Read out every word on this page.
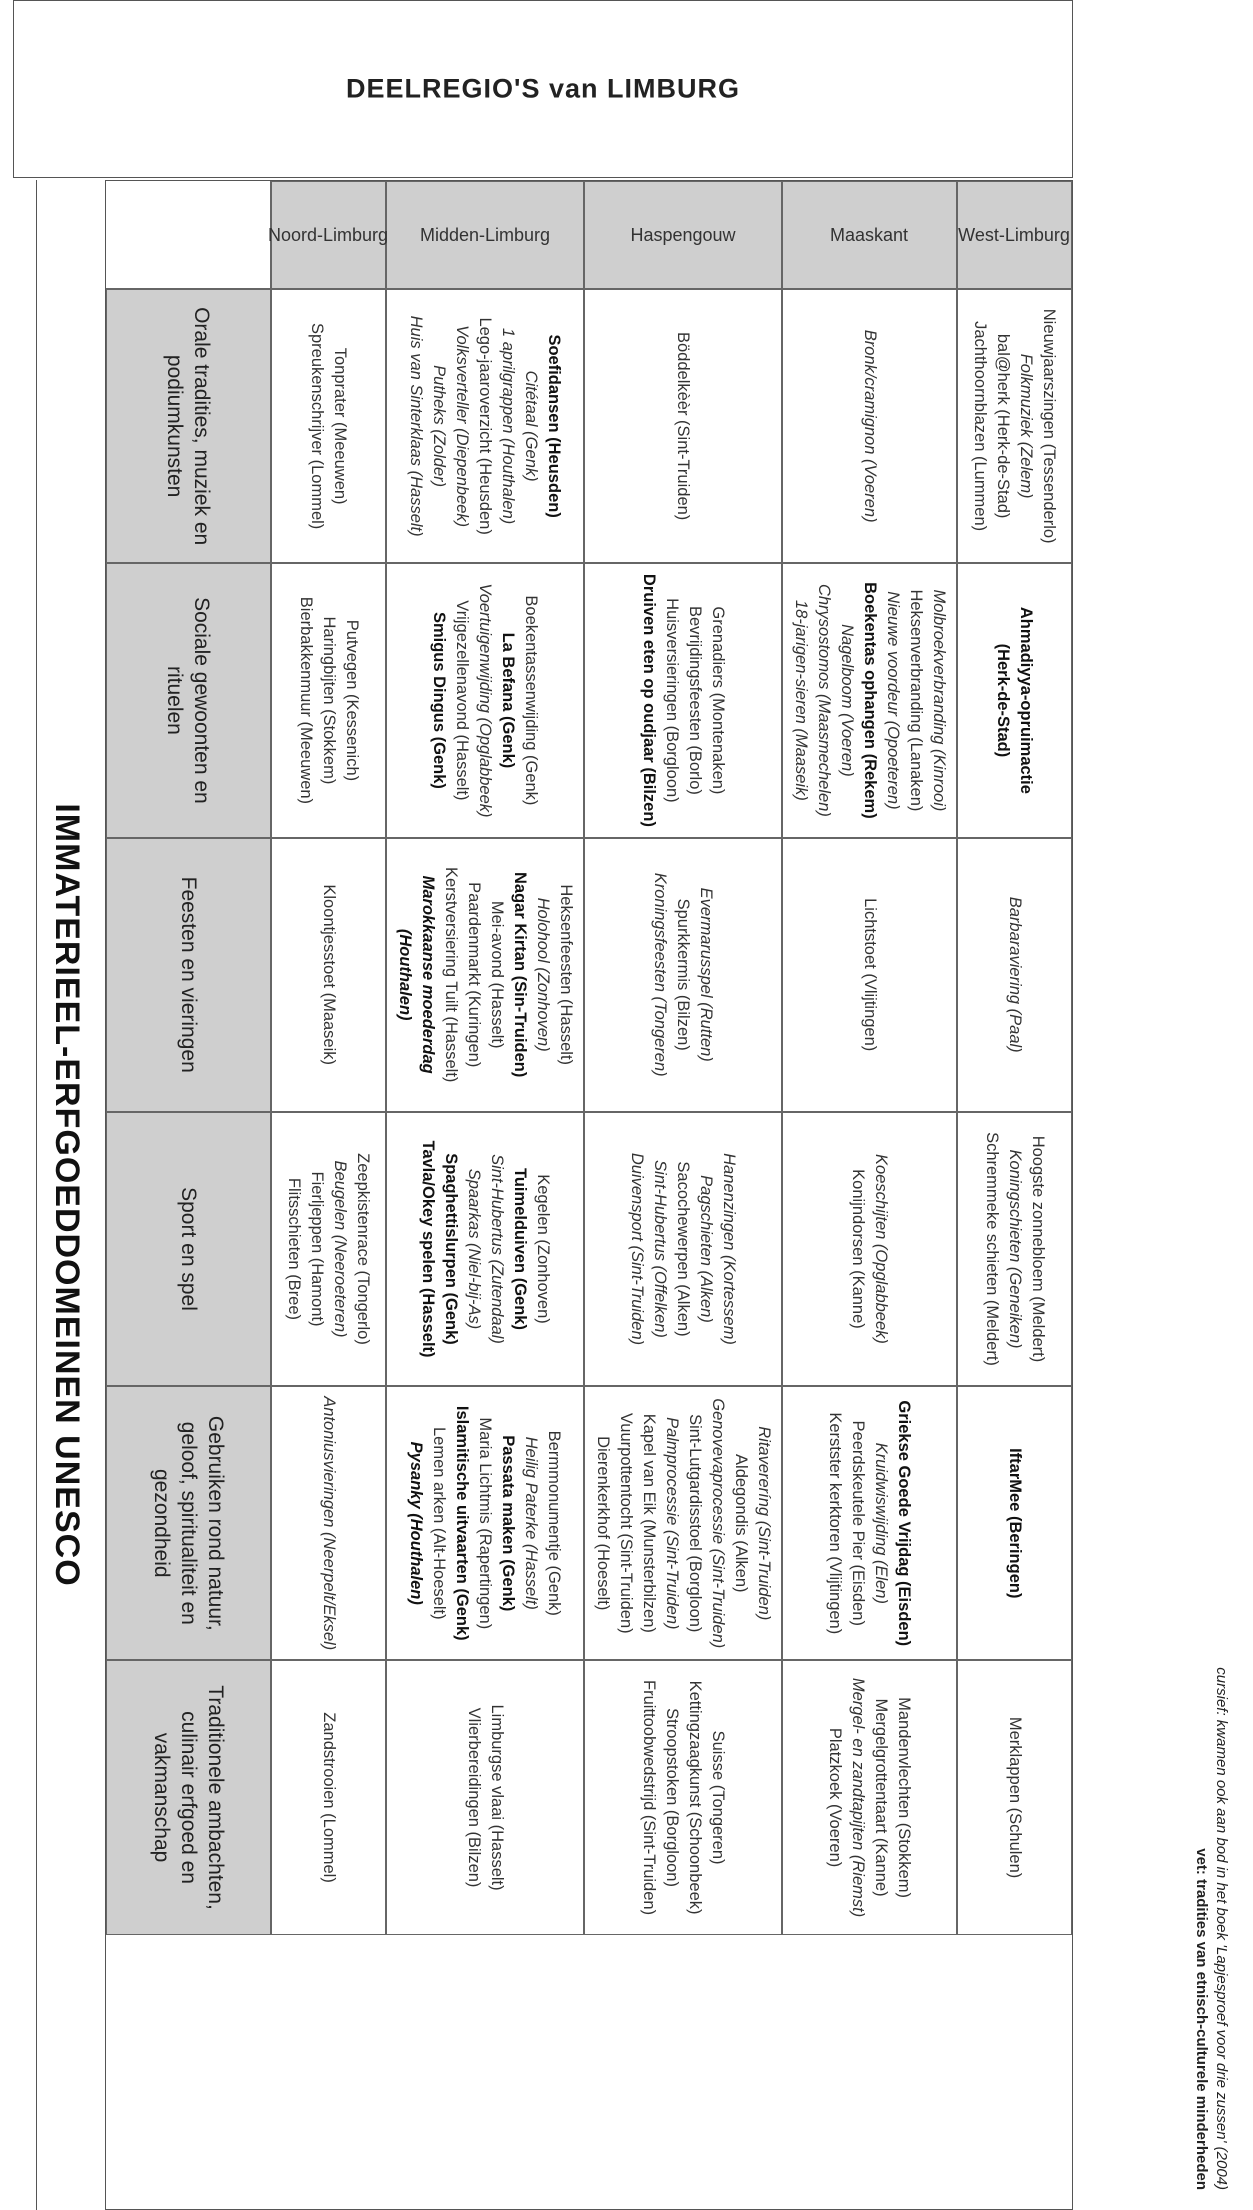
IMMATERIEEL-ERFGOEDDOMEINEN UNESCO
DEELREGIO'S van LIMBURG
West-Limburg
Nieuwjaarszingen (Tessenderlo)
Folkmuziek (Zelem)
bal@herk (Herk-de-Stad)
Jachthoornblazen (Lummen)
Ahmadiyya-opruimactie
(Herk-de-Stad)
Barbaraviering (Paal)
Hoogste zonnebloem (Meldert)
Koningschieten (Geneiken)
Schremmeke schieten (Meldert)
IftarMee (Beringen)
Merklappen (Schulen)
Maaskant
Bronk/cramignon (Voeren)
Molbroekverbranding (Kinrooi)
Heksenverbranding (Lanaken)
Nieuwe voordeur (Opoeteren)
Boekentas ophangen (Rekem)
Nagelboom (Voeren)
Chrysostomos (Maasmechelen)
18-jarigen-sieren (Maaseik)
Lichtstoet (Vlijtingen)
Koeschijten (Opglabbeek)
Konijndorsen (Kanne)
Griekse Goede Vrijdag (Eisden)
Kruidwiswijding (Elen)
Peerdskeutele Pier (Eisden)
Kerstster kerktoren (Vlijtingen)
Mandenvlechten (Stokkem)
Mergelgrottentaart (Kanne)
Mergel- en zandtapijten (Riemst)
Platzkoek (Voeren)
Haspengouw
Böddelkèèr (Sint-Truiden)
Grenadiers (Montenaken)
Bevrijdingsfeesten (Borlo)
Huisversieringen (Borgloon)
Druiven eten op oudjaar (Bilzen)
Evermarusspel (Rutten)
Spurkkermis (Bilzen)
Kroningsfeesten (Tongeren)
Hanenzingen (Kortessem)
Pagschieten (Alken)
Sacochewerpen (Alken)
Sint-Hubertus (Offelken)
Duivensport (Sint-Truiden)
Ritavereríng (Sint-Truiden)
Aldegondis (Alken)
Genovevaprocessie (Sint-Truiden)
Sint-Lutgardisstoel (Borgloon)
Palmprocessie (Sint-Truiden)
Kapel van Eik (Munsterbilzen)
Vuurpottentocht (Sint-Truiden)
Dierenkerkhof (Hoeselt)
Suisse (Tongeren)
Kettingzaagkunst (Schoonbeek)
Stroopstoken (Borgloon)
Fruittoobwedstrijd (Sint-Truiden)
Midden-Limburg
Soefidansen (Heusden)
Citétaal (Genk)
1 aprilgrappen (Houthalen)
Lego-jaaroverzicht (Heusden)
Volksverteller (Diepenbeek)
Putheks (Zolder)
Huis van Sinterklaas (Hasselt)
Boekentassenwijding (Genk)
La Befana (Genk)
Voertuigenwijding (Opglabbeek)
Vrijgezellenavond (Hasselt)
Smigus Dingus (Genk)
Heksenfeesten (Hasselt)
Holohool (Zonhoven)
Nagar Kirtan (Sin-Truiden)
Mei-avond (Hasselt)
Paardenmarkt (Kuringen)
Kerstversiering Tuilt (Hasselt)
Marokkaanse moederdag
(Houthalen)
Kegelen (Zonhoven)
Tuimelduiven (Genk)
Sint-Hubertus (Zutendaal)
Spaarkas (Niel-bij-As)
Spaghettislurpen (Genk)
Tavla/Okey spelen (Hasselt)
Bermmonumentje (Genk)
Heilig Paterke (Hasselt)
Passata maken (Genk)
Maria Lichtmis (Rapertingen)
Islamitische uitvaarten (Genk)
Lemen arken (Alt-Hoeselt)
Pysanky (Houthalen)
Limburgse vlaai (Hasselt)
Vlierbereidingen (Bilzen)
Noord-Limburg
Tonprater (Meeuwen)
Spreukenschrijver (Lommel)
Putvegen (Kessenich)
Haringbijten (Stokkem)
Bierbakkenmuur (Meeuwen)
Kloontjesstoet (Maaseik)
Zeepkistenrace (Tongerlo)
Beugelen (Neeroeteren)
Fierljeppen (Hamont)
Flitsschieten (Bree)
Antoniusvieringen (Neerpelt/Eksel)
Zandstrooien (Lommel)
Orale tradities, muziek en podiumkunsten
Sociale gewoonten en rituelen
Feesten en vieringen
Sport en spel
Gebruiken rond natuur, geloof, spiritualiteit en gezondheid
Traditionele ambachten, culinair erfgoed en vakmanschap	cursief: kwamen ook aan bod in het boek 'Lapjesproef voor drie zussen' (2004)
vet: tradities van etnisch-culturele minderheden
